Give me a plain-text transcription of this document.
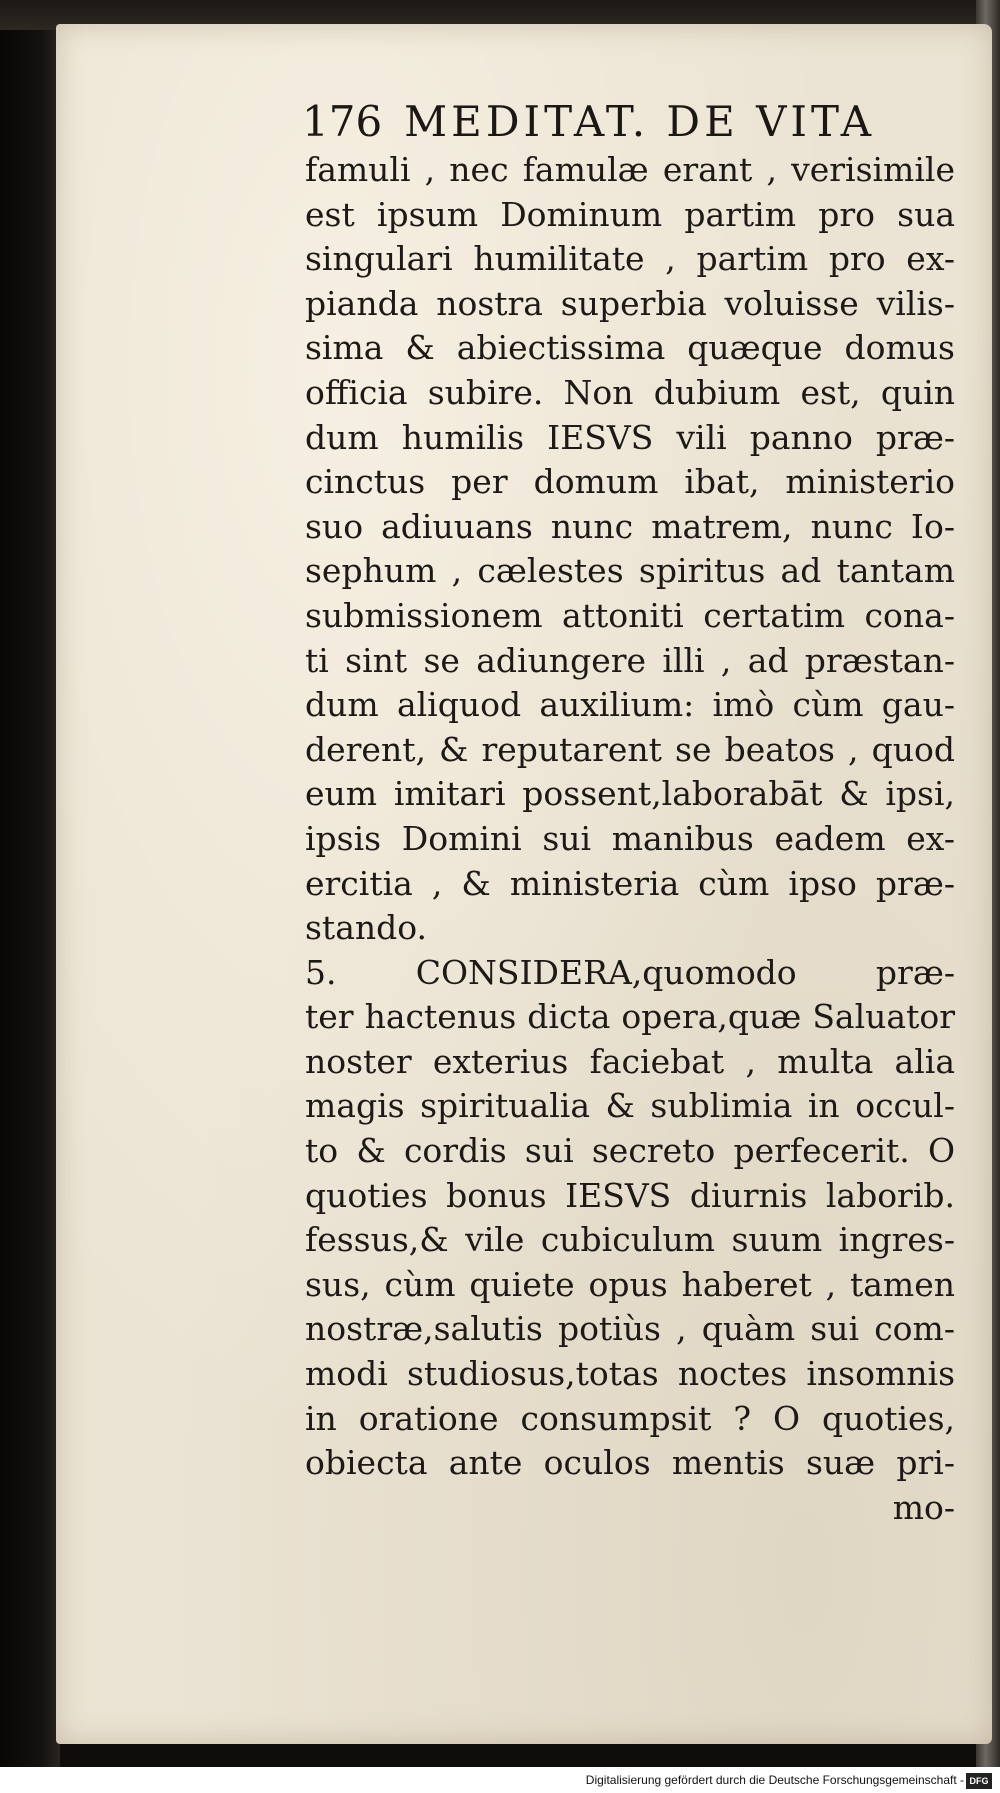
176 MEDITAT. DE VITA
famuli , nec famulæ erant , verisimile
est ipsum Dominum partim pro sua
singulari humilitate , partim pro ex-
pianda nostra superbia voluisse vilis-
sima & abiectissima quæque domus
officia subire. Non dubium est, quin
dum humilis IESVS vili panno præ-
cinctus per domum ibat, ministerio
suo adiuuans nunc matrem, nunc Io-
sephum , cælestes spiritus ad tantam
submissionem attoniti certatim cona-
ti sint se adiungere illi , ad præstan-
dum aliquod auxilium: imò cùm gau-
derent, & reputarent se beatos , quod
eum imitari possent,laborabāt & ipsi,
ipsis Domini sui manibus eadem ex-
ercitia , & ministeria cùm ipso præ-
stando.
5. CONSIDERA,quomodo præ-
ter hactenus dicta opera,quæ Saluator
noster exterius faciebat , multa alia
magis spiritualia & sublimia in occul-
to & cordis sui secreto perfecerit. O
quoties bonus IESVS diurnis laborib.
fessus,& vile cubiculum suum ingres-
sus, cùm quiete opus haberet , tamen
nostræ,salutis potiùs , quàm sui com-
modi studiosus,totas noctes insomnis
in oratione consumpsit ? O quoties,
obiecta ante oculos mentis suæ pri-
mo-
Digitalisierung gefördert durch die Deutsche Forschungsgemeinschaft - DFG
